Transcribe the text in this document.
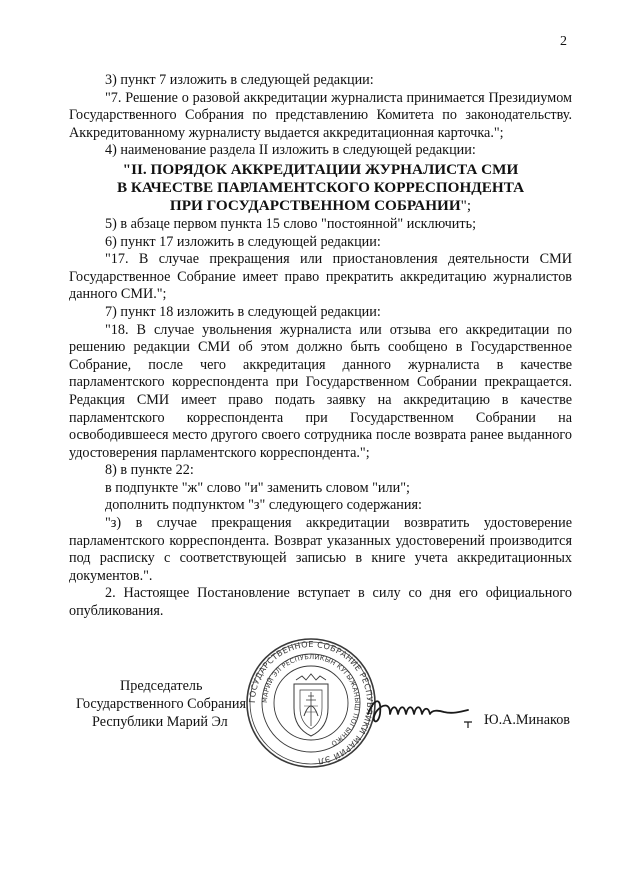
2

3) пункт 7 изложить в следующей редакции:

"7. Решение о разовой аккредитации журналиста принимается Президиумом Государственного Собрания по представлению Комитета по законодательству. Аккредитованному журналисту выдается аккредитационная карточка.";

4) наименование раздела II изложить в следующей редакции:

"II. ПОРЯДОК АККРЕДИТАЦИИ ЖУРНАЛИСТА СМИ
В КАЧЕСТВЕ ПАРЛАМЕНТСКОГО КОРРЕСПОНДЕНТА
ПРИ ГОСУДАРСТВЕННОМ СОБРАНИИ";

5) в абзаце первом пункта 15 слово "постоянной" исключить;

6) пункт 17 изложить в следующей редакции:

"17. В случае прекращения или приостановления деятельности СМИ Государственное Собрание имеет право прекратить аккредитацию журналистов данного СМИ.";

7) пункт 18 изложить в следующей редакции:

"18. В случае увольнения журналиста или отзыва его аккредитации по решению редакции СМИ об этом должно быть сообщено в Государственное Собрание, после чего аккредитация данного журналиста в качестве парламентского корреспондента при Государственном Собрании прекращается. Редакция СМИ имеет право подать заявку на аккредитацию в качестве парламентского корреспондента при Государственном Собрании на освободившееся место другого своего сотрудника после возврата ранее выданного удостоверения парламентского корреспондента.";

8) в пункте 22:

в подпункте "ж" слово "и" заменить словом "или";

дополнить подпунктом "з" следующего содержания:

"з) в случае прекращения аккредитации возвратить удостоверение парламентского корреспондента. Возврат указанных удостоверений производится под расписку с соответствующей записью в книге учета аккредитационных документов.".

2. Настоящее Постановление вступает в силу со дня его официального опубликования.

Председатель
Государственного Собрания
Республики Марий Эл
ГОСУДАРСТВЕННОЕ СОБРАНИЕ РЕСПУБЛИКИ МАРИЙ ЭЛ
МАРИЙ ЭЛ РЕСПУБЛИКЫН КУГЫЖАНЫШ ПОГЫНЖО
Ю.А.Минаков
